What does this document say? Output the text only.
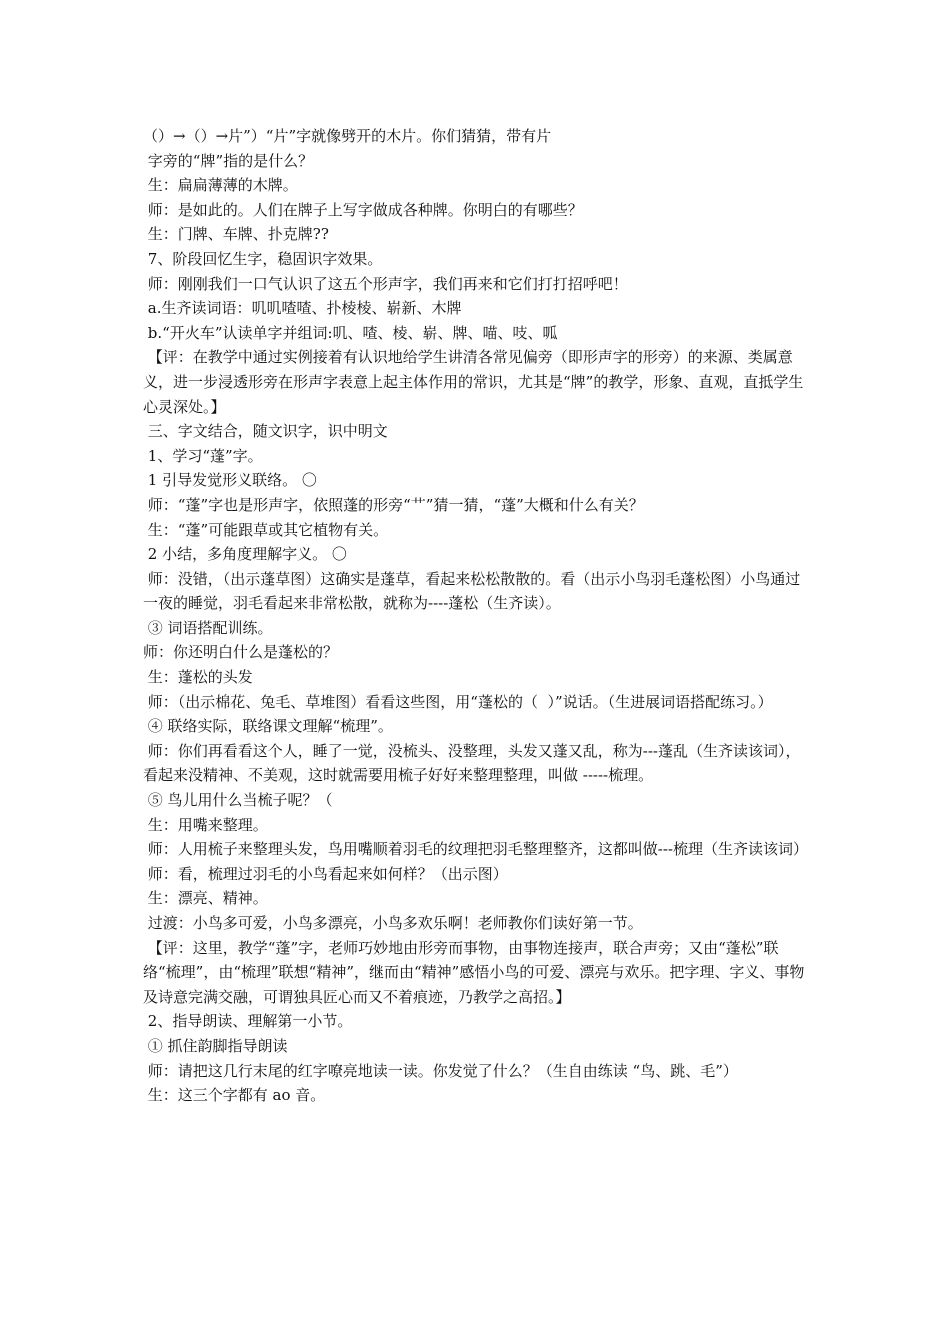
（）→（）→片”）“片”字就像劈开的木片。你们猜猜，带有片

字旁的“牌”指的是什么？

生：扁扁薄薄的木牌。

师：是如此的。人们在牌子上写字做成各种牌。你明白的有哪些？

生：门牌、车牌、扑克牌??

7、阶段回忆生字，稳固识字效果。

师：刚刚我们一口气认识了这五个形声字，我们再来和它们打打招呼吧！

a.生齐读词语：叽叽喳喳、扑棱棱、崭新、木牌

b.“开火车”认读单字并组词:叽、喳、棱、崭、牌、喵、吱、呱

【评：在教学中通过实例接着有认识地给学生讲清各常见偏旁（即形声字的形旁）的来源、类属意义，进一步浸透形旁在形声字表意上起主体作用的常识，尤其是“牌”的教学，形象、直观，直抵学生心灵深处。】

三、字文结合，随文识字，识中明文

1、学习“蓬”字。

1 引导发觉形义联络。 〇

师：“蓬”字也是形声字，依照蓬的形旁“艹”猜一猜，“蓬”大概和什么有关？

生：“蓬”可能跟草或其它植物有关。

2 小结，多角度理解字义。 〇

师：没错，（出示蓬草图）这确实是蓬草，看起来松松散散的。看（出示小鸟羽毛蓬松图）小鸟通过一夜的睡觉，羽毛看起来非常松散，就称为----蓬松（生齐读）。

③ 词语搭配训练。

师：你还明白什么是蓬松的？

生：蓬松的头发

师：（出示棉花、兔毛、草堆图）看看这些图，用“蓬松的（  ）”说话。（生进展词语搭配练习。）

④ 联络实际，联络课文理解“梳理”。

师：你们再看看这个人，睡了一觉，没梳头、没整理，头发又蓬又乱，称为---蓬乱（生齐读该词），看起来没精神、不美观，这时就需要用梳子好好来整理整理，叫做 -----梳理。

⑤ 鸟儿用什么当梳子呢？（

生：用嘴来整理。

师：人用梳子来整理头发，鸟用嘴顺着羽毛的纹理把羽毛整理整齐，这都叫做---梳理（生齐读该词）

师：看，梳理过羽毛的小鸟看起来如何样？（出示图）

生：漂亮、精神。

过渡：小鸟多可爱，小鸟多漂亮，小鸟多欢乐啊！老师教你们读好第一节。

【评：这里，教学“蓬”字，老师巧妙地由形旁而事物，由事物连接声，联合声旁；又由“蓬松”联络“梳理”，由“梳理”联想“精神”，继而由“精神”感悟小鸟的可爱、漂亮与欢乐。把字理、字义、事物及诗意完满交融，可谓独具匠心而又不着痕迹，乃教学之高招。】

2、指导朗读、理解第一小节。

① 抓住韵脚指导朗读

师：请把这几行末尾的红字嘹亮地读一读。你发觉了什么？（生自由练读 “鸟、跳、毛”）

生：这三个字都有 ao 音。
